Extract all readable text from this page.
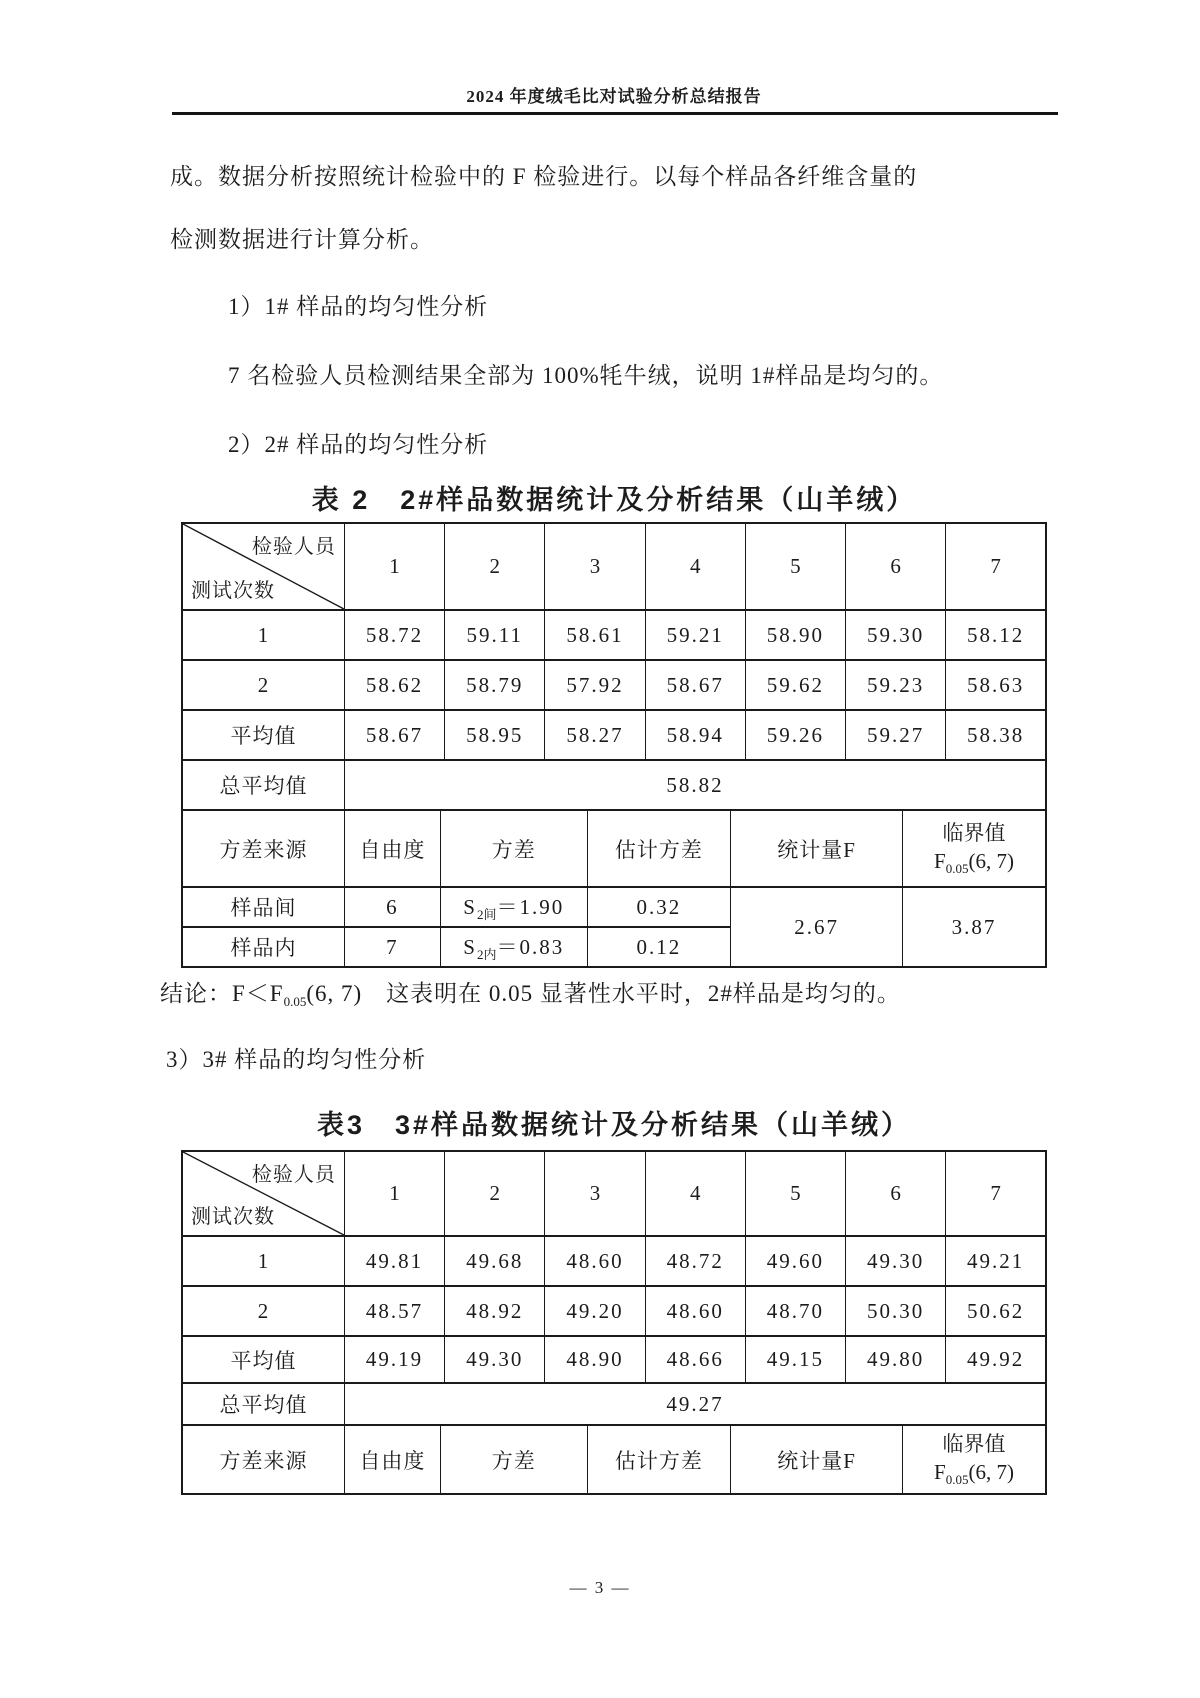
2024 年度绒毛比对试验分析总结报告
成。数据分析按照统计检验中的 F 检验进行。以每个样品各纤维含量的
检测数据进行计算分析。
1）1# 样品的均匀性分析
7 名检验人员检测结果全部为 100%牦牛绒，说明 1#样品是均匀的。
2）2# 样品的均匀性分析
表 2　2#样品数据统计及分析结果（山羊绒）
检验人员
测试次数	1	2	3	4	5	6	7
1	58.72	59.11	58.61	59.21	58.90	59.30	58.12
2	58.62	58.79	57.92	58.67	59.62	59.23	58.63
平均值	58.67	58.95	58.27	58.94	59.26	59.27	58.38
总平均值	58.82						
方差来源	自由度	方差	估计方差	统计量F	临界值
$F_{0.05}(6$, 7)
样品间	6	$S_{2间}=1.90$	0.32	2.67	3.87
样品内	7	$S_{2内}=0.83$	0.12		
结论：$F<F_{0.05}(6$, 7)　这表明在 0.05 显著性水平时，2#样品是均匀的。
3）3# 样品的均匀性分析
表3　3#样品数据统计及分析结果（山羊绒）
检验人员
测试次数	1	2	3	4	5	6	7
1	49.81	49.68	48.60	48.72	49.60	49.30	49.21
2	48.57	48.92	49.20	48.60	48.70	50.30	50.62
平均值	49.19	49.30	48.90	48.66	49.15	49.80	49.92
总平均值	49.27						
方差来源	自由度	方差	估计方差	统计量F	临界值
$F_{0.05}(6$, 7)
— 3 —
